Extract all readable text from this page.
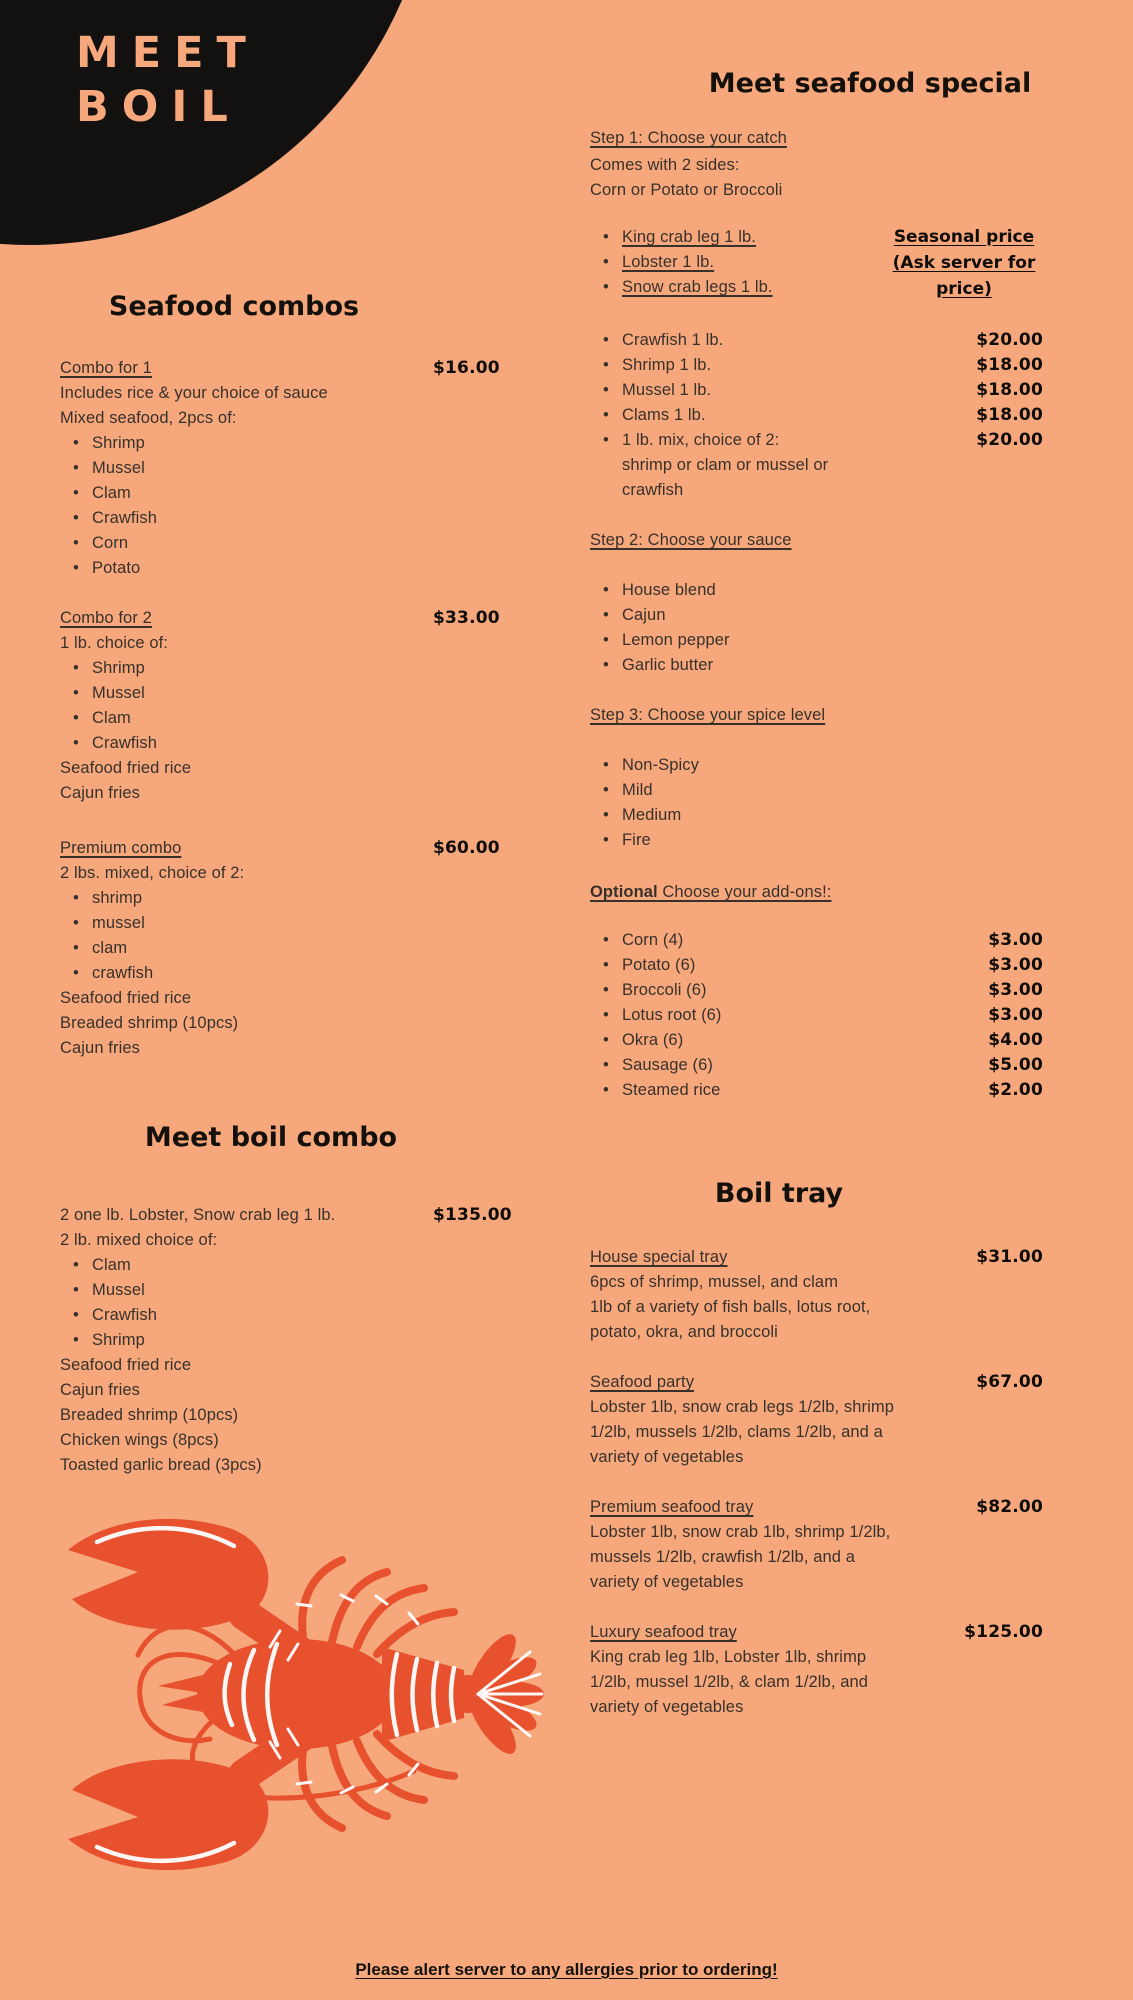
MEET
BOIL
Seafood combos
Meet seafood special
Meet boil combo
Boil tray
Step 1: Choose your catch
Comes with 2 sides:
Corn or Potato or Broccoli
Seasonal price
(Ask server for
price)
Step 2: Choose your sauce
Step 3: Choose your spice level
Optional Choose your add-ons!:
Combo for 1
Includes rice & your choice of sauce
Mixed seafood, 2pcs of:
• Shrimp
• Mussel
• Clam
• Crawfish
• Corn
• Potato
$16.00
Combo for 2
1 lb. choice of:
• Shrimp
• Mussel
• Clam
• Crawfish
Seafood fried rice
Cajun fries
$33.00
Premium combo
2 lbs. mixed, choice of 2:
• shrimp
• mussel
• clam
• crawfish
Seafood fried rice
Breaded shrimp (10pcs)
Cajun fries
$60.00
2 one lb. Lobster, Snow crab leg 1 lb.
2 lb. mixed choice of:
• Clam
• Mussel
• Crawfish
• Shrimp
Seafood fried rice
Cajun fries
Breaded shrimp (10pcs)
Chicken wings (8pcs)
Toasted garlic bread (3pcs)
$135.00
• King crab leg 1 lb.
• Lobster 1 lb.
• Snow crab legs 1 lb.
• Crawfish 1 lb.
• Shrimp 1 lb.
• Mussel 1 lb.
• Clams 1 lb.
• 1 lb. mix, choice of 2:
shrimp or clam or mussel or
crawfish
$20.00
$18.00
$18.00
$18.00
$20.00
• House blend
• Cajun
• Lemon pepper
• Garlic butter
• Non-Spicy
• Mild
• Medium
• Fire
• Corn (4)
• Potato (6)
• Broccoli (6)
• Lotus root (6)
• Okra (6)
• Sausage (6)
• Steamed rice
$3.00
$3.00
$3.00
$3.00
$4.00
$5.00
$2.00
House special tray
6pcs of shrimp, mussel, and clam
1lb of a variety of fish balls, lotus root,
potato, okra, and broccoli
$31.00
Seafood party
Lobster 1lb, snow crab legs 1/2lb, shrimp
1/2lb, mussels 1/2lb, clams 1/2lb, and a
variety of vegetables
$67.00
Premium seafood tray
Lobster 1lb, snow crab 1lb, shrimp 1/2lb,
mussels 1/2lb, crawfish 1/2lb, and a
variety of vegetables
$82.00
Luxury seafood tray
King crab leg 1lb, Lobster 1lb, shrimp
1/2lb, mussel 1/2lb, & clam 1/2lb, and
variety of vegetables
$125.00
Please alert server to any allergies prior to ordering!
